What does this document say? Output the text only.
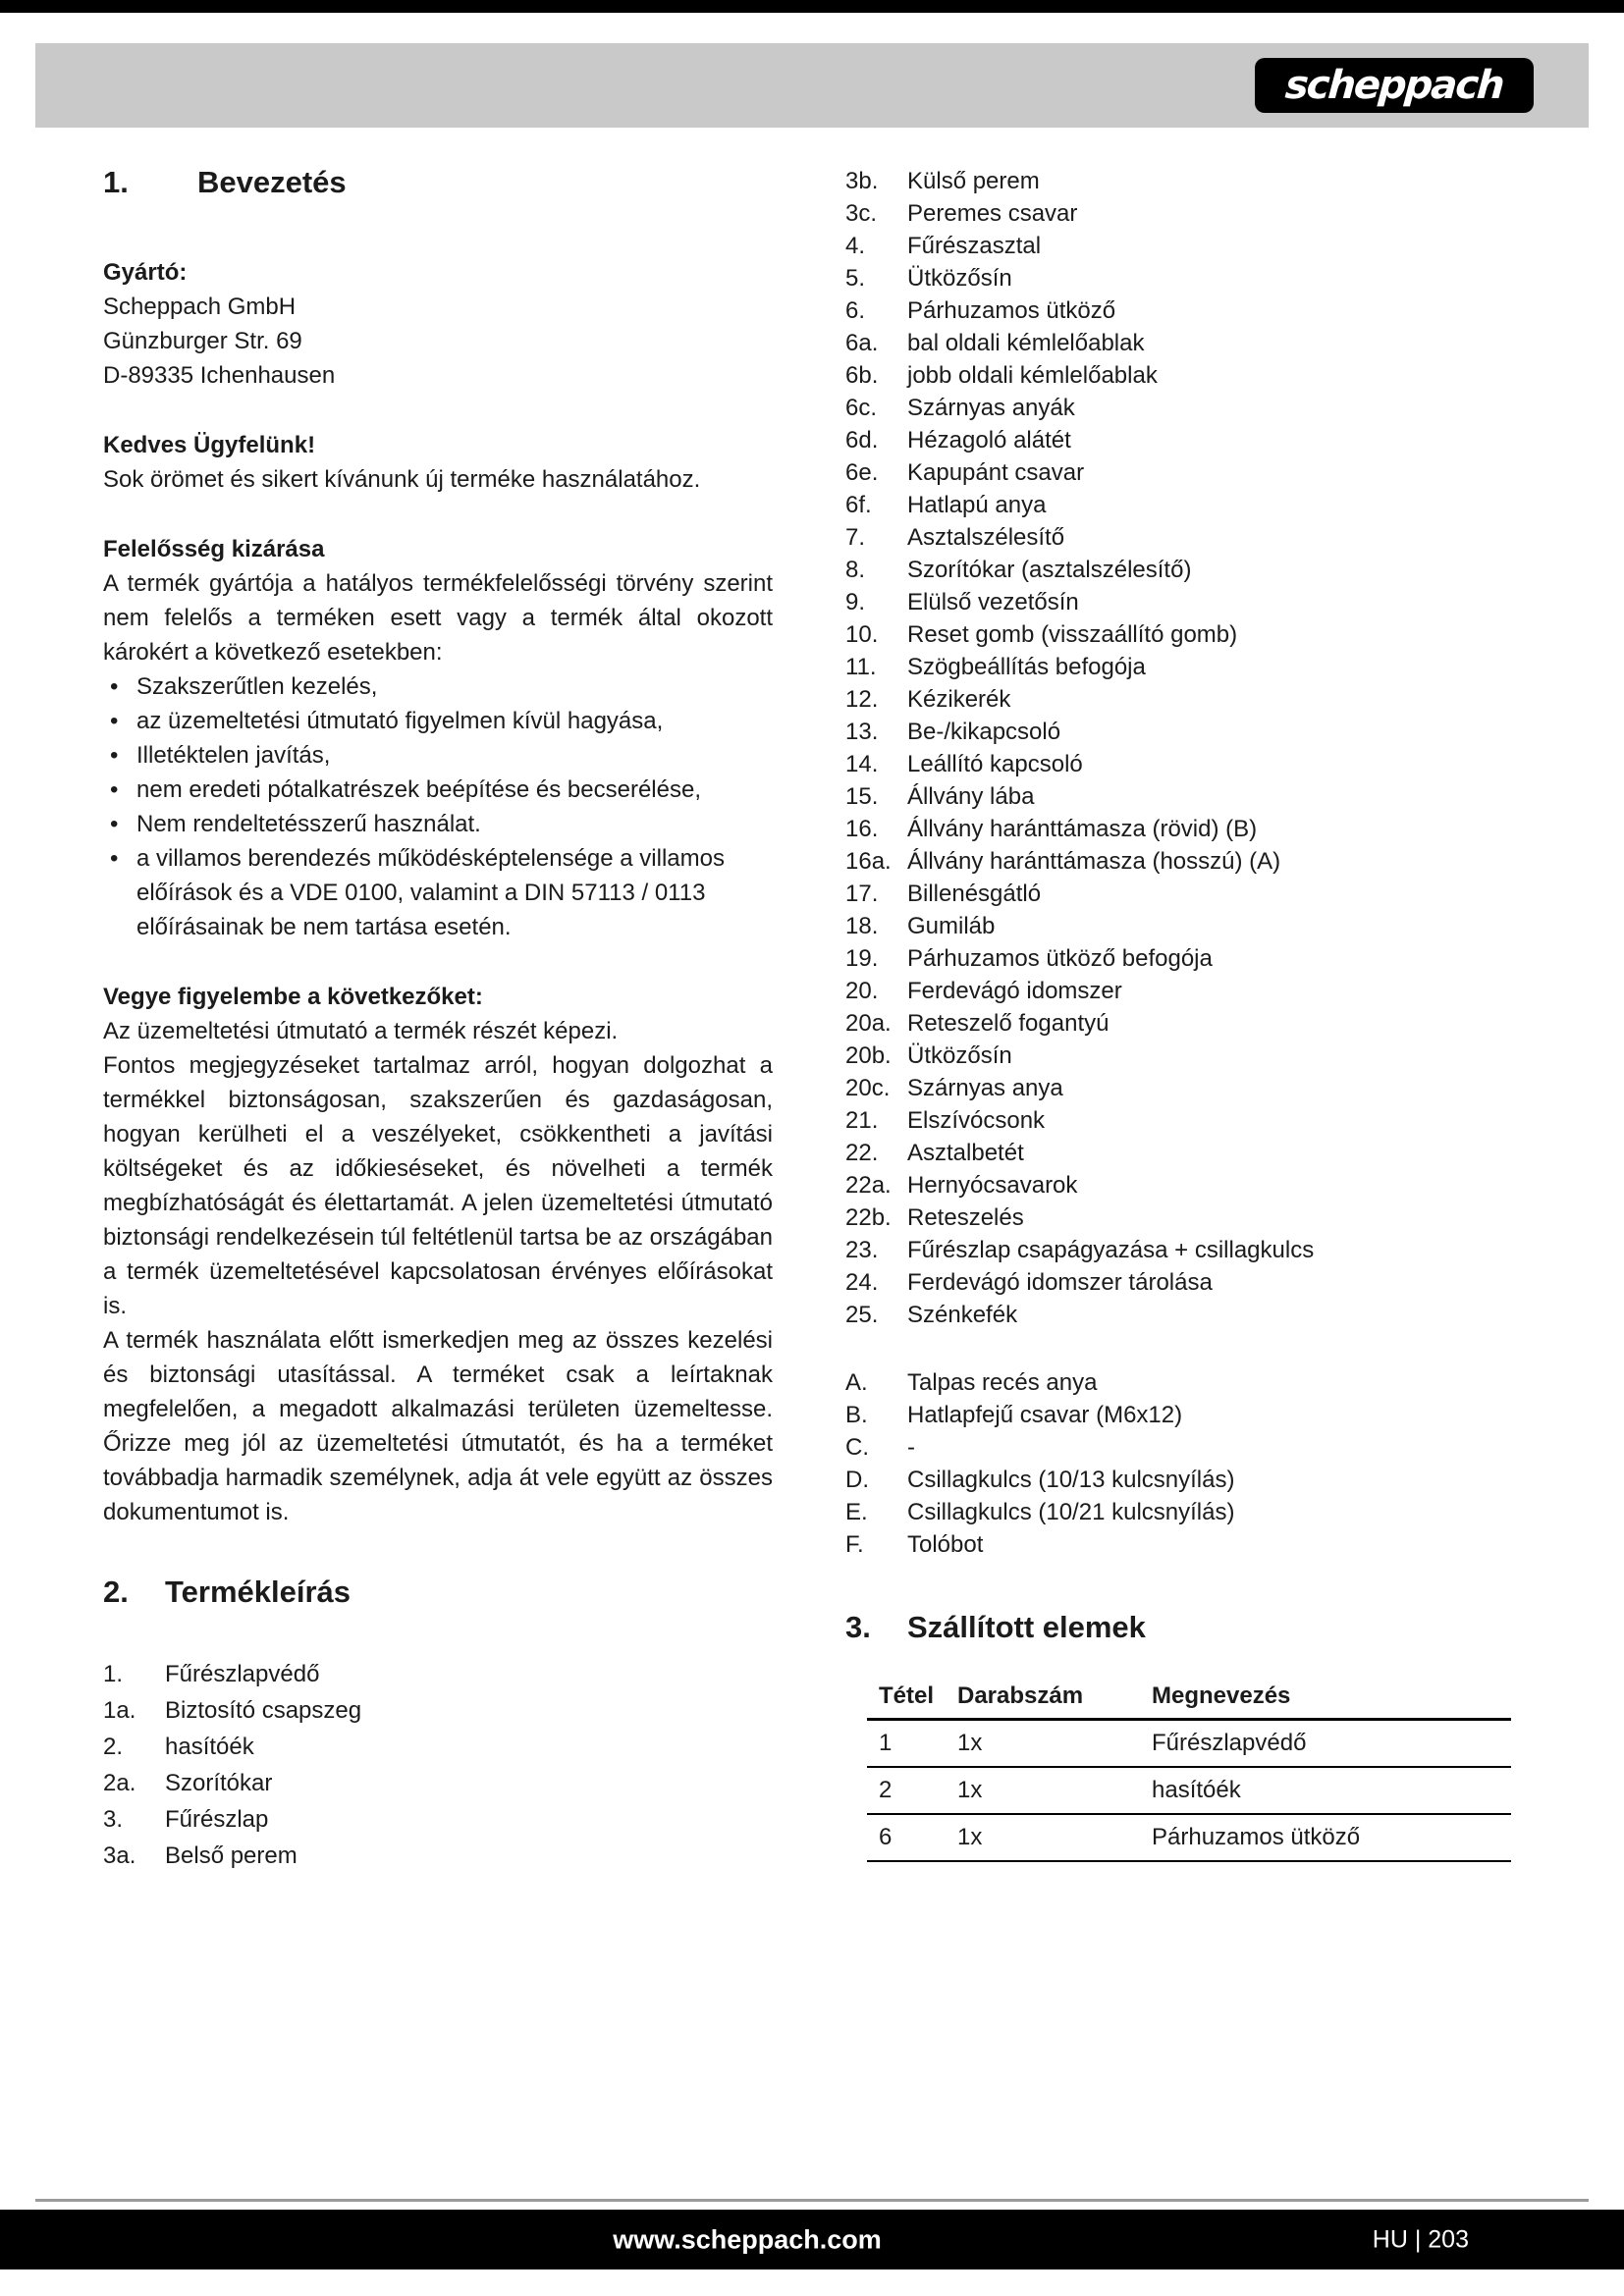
scheppach
1.	Bevezetés

Gyártó:

Scheppach GmbH

Günzburger Str. 69

D-89335 Ichenhausen

Kedves Ügyfelünk!

Sok örömet és sikert kívánunk új terméke használatához.

Felelősség kizárása

A termék gyártója a hatályos termékfelelősségi törvény szerint nem felelős a terméken esett vagy a termék által okozott károkért a következő esetekben:

• Szakszerűtlen kezelés,
• az üzemeltetési útmutató figyelmen kívül hagyása,
• Illetéktelen javítás,
• nem eredeti pótalkatrészek beépítése és becserélése,
• Nem rendeltetésszerű használat.
• a villamos berendezés működésképtelensége a villamos előírások és a VDE 0100, valamint a DIN 57113 / 0113 előírásainak be nem tartása esetén.

Vegye figyelembe a következőket:

Az üzemeltetési útmutató a termék részét képezi.

Fontos megjegyzéseket tartalmaz arról, hogyan dolgozhat a termékkel biztonságosan, szakszerűen és gazdaságosan, hogyan kerülheti el a veszélyeket, csökkentheti a javítási költségeket és az időkieséseket, és növelheti a termék megbízhatóságát és élettartamát. A jelen üzemeltetési útmutató biztonsági rendelkezésein túl feltétlenül tartsa be az országában a termék üzemeltetésével kapcsolatosan érvényes előírásokat is.

A termék használata előtt ismerkedjen meg az összes kezelési és biztonsági utasítással. A terméket csak a leírtaknak megfelelően, a megadott alkalmazási területen üzemeltesse. Őrizze meg jól az üzemeltetési útmutatót, és ha a terméket továbbadja harmadik személynek, adja át vele együtt az összes dokumentumot is.

2.	Termékleírás
1.	Fűrészlapvédő
1a.	Biztosító csapszeg
2.	hasítóék
2a.	Szorítókar
3.	Fűrészlap
3a.	Belső perem
3b.	Külső perem
3c.	Peremes csavar
4.	Fűrészasztal
5.	Ütközősín
6.	Párhuzamos ütköző
6a.	bal oldali kémlelőablak
6b.	jobb oldali kémlelőablak
6c.	Szárnyas anyák
6d.	Hézagoló alátét
6e.	Kapupánt csavar
6f.	Hatlapú anya
7.	Asztalszélesítő
8.	Szorítókar (asztalszélesítő)
9.	Elülső vezetősín
10.	Reset gomb (visszaállító gomb)
11.	Szögbeállítás befogója
12.	Kézikerék
13.	Be-/kikapcsoló
14.	Leállító kapcsoló
15.	Állvány lába
16.	Állvány haránttámasza (rövid) (B)
16a. Állvány haránttámasza (hosszú) (A)
17.	Billenésgátló
18.	Gumiláb
19.	Párhuzamos ütköző befogója
20.	Ferdevágó idomszer
20a. Reteszelő fogantyú
20b. Ütközősín
20c. Szárnyas anya
21.	Elszívócsonk
22.	Asztalbetét
22a. Hernyócsavarok
22b. Reteszelés
23.	Fűrészlap csapágyazása + csillagkulcs
24.	Ferdevágó idomszer tárolása
25.	Szénkefék
A.	Talpas recés anya
B.	Hatlapfejű csavar (M6x12)
C.	-
D.	Csillagkulcs (10/13 kulcsnyílás)
E.	Csillagkulcs (10/21 kulcsnyílás)
F.	Tolóbot
3.	Szállított elemek
Tétel	Darabszám	Megnevezés
1	1x	Fűrészlapvédő
2	1x	hasítóék
6	1x	Párhuzamos ütköző
www.scheppach.com	HU | 203
